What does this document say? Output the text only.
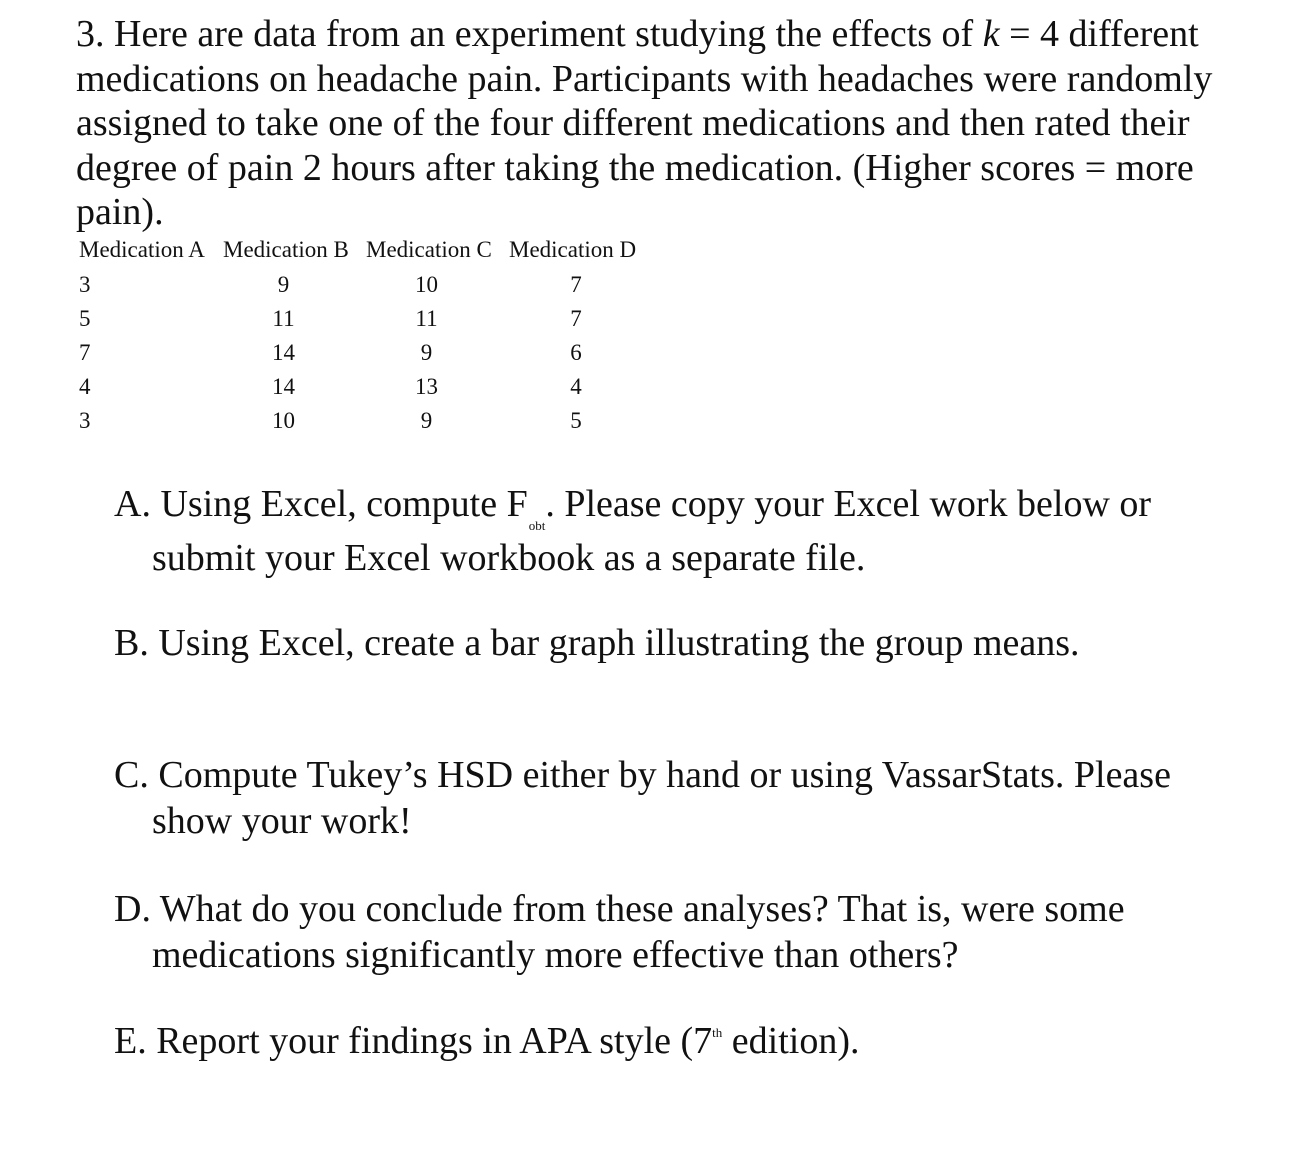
3. Here are data from an experiment studying the effects of k = 4 different medications on headache pain. Participants with headaches were randomly assigned to take one of the four different medications and then rated their degree of pain 2 hours after taking the medication. (Higher scores = more pain).
Medication A	Medication B	Medication C	Medication D
3	9	10	7
5	11	11	7
7	14	9	6
4	14	13	4
3	10	9	5
A. Using Excel, compute $F_{obt}$. Please copy your Excel work below or submit your Excel workbook as a separate file.
B. Using Excel, create a bar graph illustrating the group means.
C. Compute Tukey’s HSD either by hand or using VassarStats. Please show your work!
D. What do you conclude from these analyses? That is, were some medications significantly more effective than others?
E. Report your findings in APA style (7th edition).
